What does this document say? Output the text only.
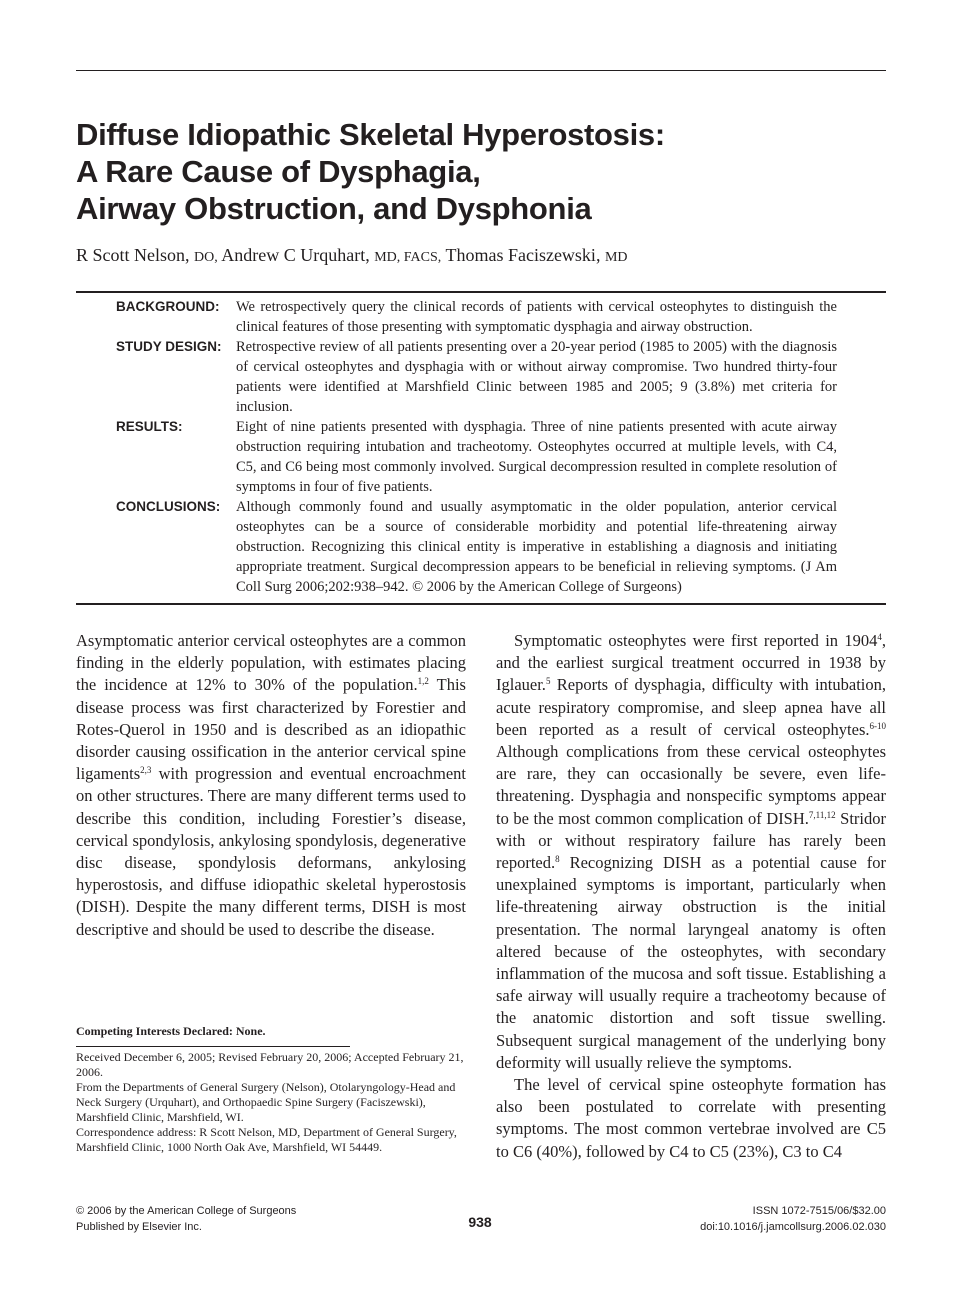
Diffuse Idiopathic Skeletal Hyperostosis:
A Rare Cause of Dysphagia,
Airway Obstruction, and Dysphonia
R Scott Nelson, DO, Andrew C Urquhart, MD, FACS, Thomas Faciszewski, MD
BACKGROUND:	We retrospectively query the clinical records of patients with cervical osteophytes to distinguish the clinical features of those presenting with symptomatic dysphagia and airway obstruction.
STUDY DESIGN: Retrospective review of all patients presenting over a 20-year period (1985 to 2005) with the diagnosis of cervical osteophytes and dysphagia with or without airway compromise. Two hundred thirty-four patients were identified at Marshfield Clinic between 1985 and 2005; 9 (3.8%) met criteria for inclusion.
RESULTS:	Eight of nine patients presented with dysphagia. Three of nine patients presented with acute airway obstruction requiring intubation and tracheotomy. Osteophytes occurred at multiple levels, with C4, C5, and C6 being most commonly involved. Surgical decompression resulted in complete resolution of symptoms in four of five patients.
CONCLUSIONS:	Although commonly found and usually asymptomatic in the older population, anterior cervical osteophytes can be a source of considerable morbidity and potential life-threatening airway obstruction. Recognizing this clinical entity is imperative in establishing a diagnosis and initiating appropriate treatment. Surgical decompression appears to be beneficial in relieving symptoms. (J Am Coll Surg 2006;202:938–942. © 2006 by the American College of Surgeons)

Asymptomatic anterior cervical osteophytes are a common finding in the elderly population, with estimates placing the incidence at 12% to 30% of the population.$^{1,2}$ This disease process was first characterized by Forestier and Rotes-Querol in 1950 and is described as an idiopathic disorder causing ossification in the anterior cervical spine ligaments$^{2,3}$ with progression and eventual encroachment on other structures. There are many different terms used to describe this condition, including Forestier’s disease, cervical spondylosis, ankylosing spondylosis, degenerative disc disease, spondylosis deformans, ankylosing hyperostosis, and diffuse idiopathic skeletal hyperostosis (DISH). Despite the many different terms, DISH is most descriptive and should be used to describe the disease.

Symptomatic osteophytes were first reported in 1904$^4$, and the earliest surgical treatment occurred in 1938 by Iglauer.$^5$ Reports of dysphagia, difficulty with intubation, acute respiratory compromise, and sleep apnea have all been reported as a result of cervical osteophytes.$^{6-10}$ Although complications from these cervical osteophytes are rare, they can occasionally be severe, even life-threatening. Dysphagia and nonspecific symptoms appear to be the most common complication of DISH.$^{7,11,12}$ Stridor with or without respiratory failure has rarely been reported.$^8$ Recognizing DISH as a potential cause for unexplained symptoms is important, particularly when life-threatening airway obstruction is the initial presentation. The normal laryngeal anatomy is often altered because of the osteophytes, with secondary inflammation of the mucosa and soft tissue. Establishing a safe airway will usually require a tracheotomy because of the anatomic distortion and soft tissue swelling. Subsequent surgical management of the underlying bony deformity will usually relieve the symptoms.

The level of cervical spine osteophyte formation has also been postulated to correlate with presenting symptoms. The most common vertebrae involved are C5 to C6 (40%), followed by C4 to C5 (23%), C3 to C4

Competing Interests Declared: None.

Received December 6, 2005; Revised February 20, 2006; Accepted February 21, 2006.

From the Departments of General Surgery (Nelson), Otolaryngology-Head and Neck Surgery (Urquhart), and Orthopaedic Spine Surgery (Faciszewski), Marshfield Clinic, Marshfield, WI.

Correspondence address: R Scott Nelson, MD, Department of General Surgery, Marshfield Clinic, 1000 North Oak Ave, Marshfield, WI 54449.

© 2006 by the American College of Surgeons
Published by Elsevier Inc.	938
ISSN 1072-7515/06/$32.00
doi:10.1016/j.jamcollsurg.2006.02.030
